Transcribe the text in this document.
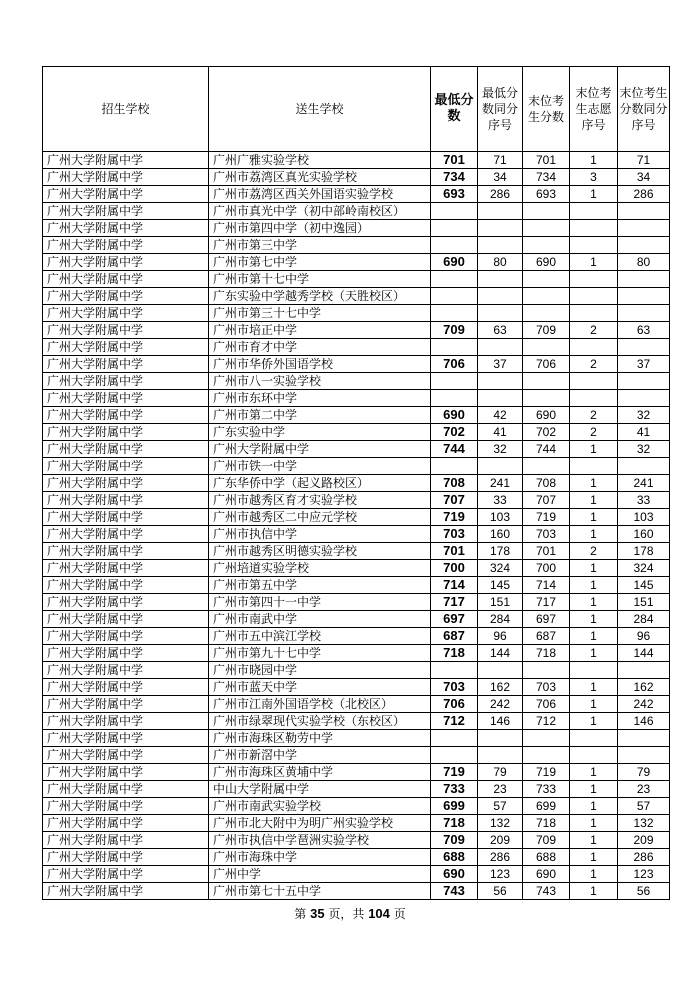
招生学校	送生学校	最低分数	最低分数同分序号	末位考生分数	末位考生志愿序号	末位考生分数同分序号
广州大学附属中学	广州广雅实验学校	701	71	701	1	71
广州大学附属中学	广州市荔湾区真光实验学校	734	34	734	3	34
广州大学附属中学	广州市荔湾区西关外国语实验学校	693	286	693	1	286
广州大学附属中学	广州市真光中学（初中部岭南校区）					
广州大学附属中学	广州市第四中学（初中逸园）					
广州大学附属中学	广州市第三中学					
广州大学附属中学	广州市第七中学	690	80	690	1	80
广州大学附属中学	广州市第十七中学					
广州大学附属中学	广东实验中学越秀学校（天胜校区）					
广州大学附属中学	广州市第三十七中学					
广州大学附属中学	广州市培正中学	709	63	709	2	63
广州大学附属中学	广州市育才中学					
广州大学附属中学	广州市华侨外国语学校	706	37	706	2	37
广州大学附属中学	广州市八一实验学校					
广州大学附属中学	广州市东环中学					
广州大学附属中学	广州市第二中学	690	42	690	2	32
广州大学附属中学	广东实验中学	702	41	702	2	41
广州大学附属中学	广州大学附属中学	744	32	744	1	32
广州大学附属中学	广州市铁一中学					
广州大学附属中学	广东华侨中学（起义路校区）	708	241	708	1	241
广州大学附属中学	广州市越秀区育才实验学校	707	33	707	1	33
广州大学附属中学	广州市越秀区二中应元学校	719	103	719	1	103
广州大学附属中学	广州市执信中学	703	160	703	1	160
广州大学附属中学	广州市越秀区明德实验学校	701	178	701	2	178
广州大学附属中学	广州培道实验学校	700	324	700	1	324
广州大学附属中学	广州市第五中学	714	145	714	1	145
广州大学附属中学	广州市第四十一中学	717	151	717	1	151
广州大学附属中学	广州市南武中学	697	284	697	1	284
广州大学附属中学	广州市五中滨江学校	687	96	687	1	96
广州大学附属中学	广州市第九十七中学	718	144	718	1	144
广州大学附属中学	广州市晓园中学					
广州大学附属中学	广州市蓝天中学	703	162	703	1	162
广州大学附属中学	广州市江南外国语学校（北校区）	706	242	706	1	242
广州大学附属中学	广州市绿翠现代实验学校（东校区）	712	146	712	1	146
广州大学附属中学	广州市海珠区勒劳中学					
广州大学附属中学	广州市新滘中学					
广州大学附属中学	广州市海珠区黄埔中学	719	79	719	1	79
广州大学附属中学	中山大学附属中学	733	23	733	1	23
广州大学附属中学	广州市南武实验学校	699	57	699	1	57
广州大学附属中学	广州市北大附中为明广州实验学校	718	132	718	1	132
广州大学附属中学	广州市执信中学琶洲实验学校	709	209	709	1	209
广州大学附属中学	广州市海珠中学	688	286	688	1	286
广州大学附属中学	广州中学	690	123	690	1	123
广州大学附属中学	广州市第七十五中学	743	56	743	1	56
第 35 页，共 104 页
